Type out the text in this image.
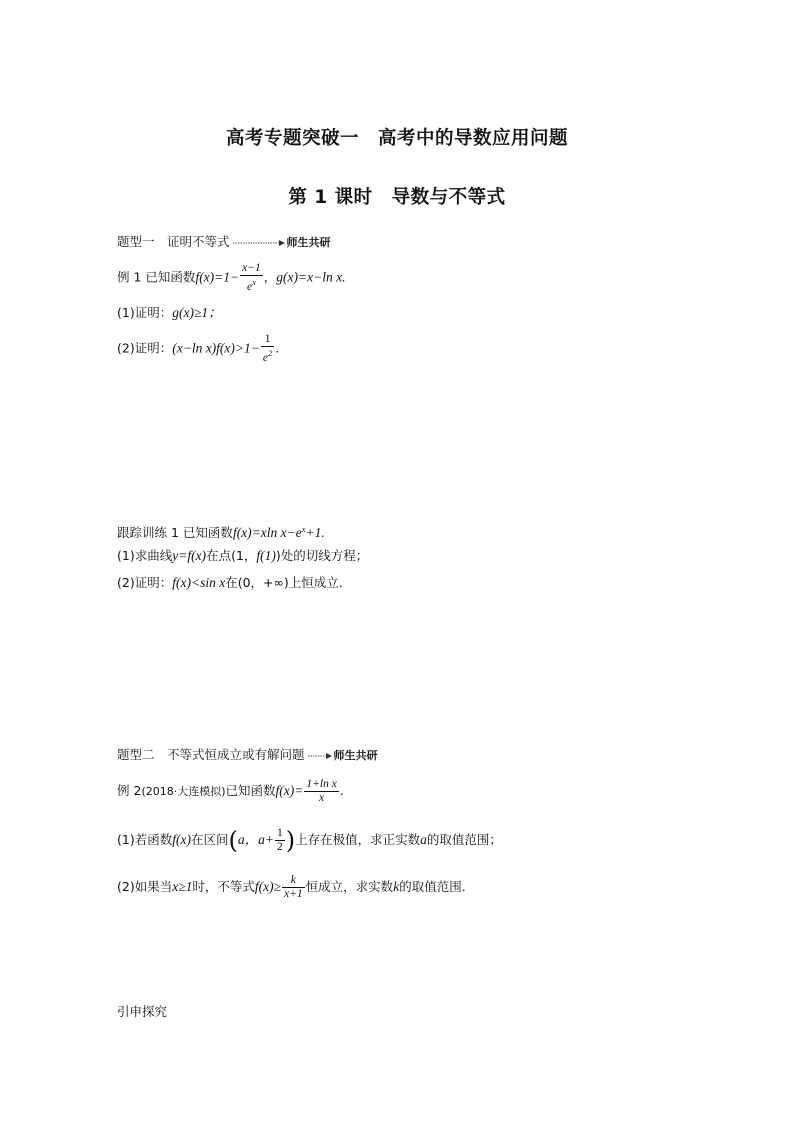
高考专题突破一　高考中的导数应用问题
第 1 课时　导数与不等式
题型一　证明不等式	师生共研
例 1 已知函数$f(x)=1- \frac{x-1}{e^x}$ ，g(x)=x−ln x.
(1)证明：g(x)≥1；
(2)证明：(x−ln $x)f(x)>1- \frac{1}{e^2}$ .
跟踪训练 1 已知函数f(x)=xln $x-e^x+1$.
(1)求曲线y=f(x)在点(1，f(1))处的切线方程；
(2)证明：f(x)<sin x在(0，+∞)上恒成立．
题型二　不等式恒成立或有解问题	师生共研
例 2(2018·大连模拟)已知函数$f(x)= \frac{\text{1+ln x}}{x}$ .
(1)若函数f(x)在区间(a，$a+ \frac{1}{2}$ )上存在极值，求正实数a的取值范围；
(2)如果当x≥1时，不等式$f(x)\ge \frac{k}{x+1}$ 恒成立，求实数k的取值范围．
引申探究
